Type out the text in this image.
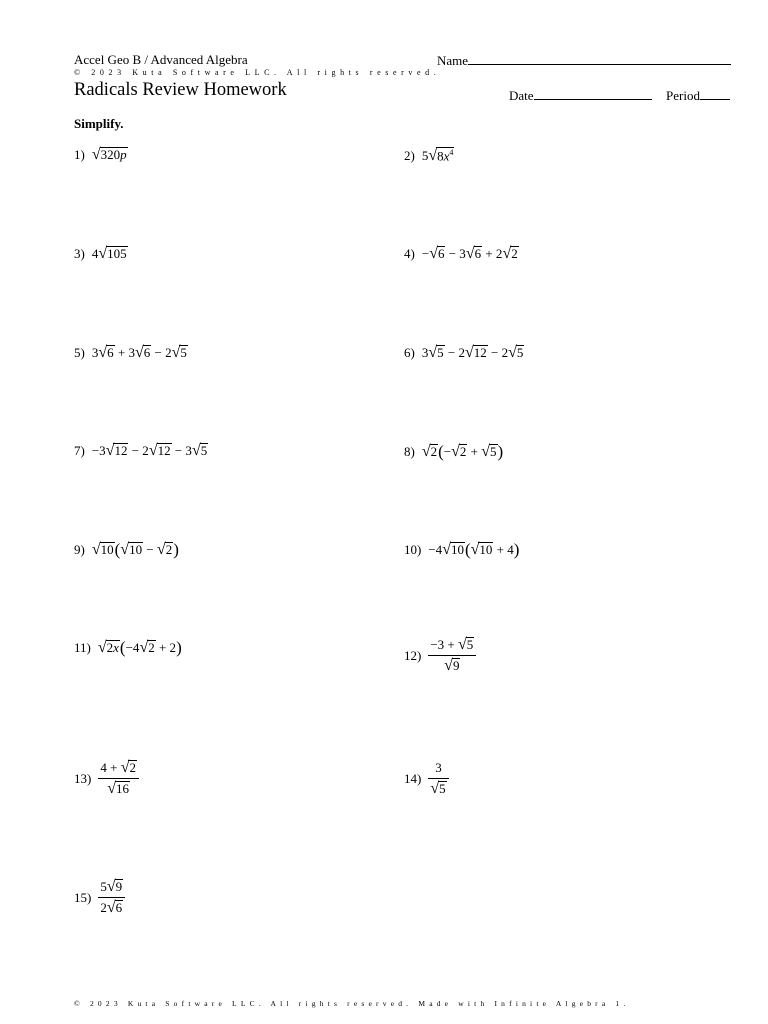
Accel Geo B / Advanced Algebra	Name
© 2023 Kuta Software LLC. All rights reserved.
Radicals Review Homework	Date	Period
Simplify.
1) √ 320p	2) 5 √ $8x^4$
3) 4 √ 105	4) − √ 6 − 3 √ 6 + 2 √ 2
5) 3 √ 6 + 3 √ 6 − 2 √ 5	6) 3 √ 5 − 2 √ 12 − 2 √ 5
7) −3 √ 12 − 2 √ 12 − 3 √ 5	8) √ 2 ( − √ 2 + √ 5 )
9) √ 10 ( √ 10 − √ 2 )	10) −4 √ 10 ( √ 10 + 4 )
11) √ 2x ( −4 √ 2 + 2 )	$12) \frac{-3 + √ 5}{√ 9}$
$13) \frac{4 + √ 2}{√ 16}$	$14) \frac{3}{√ 5}$
$15) \frac{5 √ 9}{2 √ 6}$
© 2023 Kuta Software LLC. All rights reserved. Made with Infinite Algebra 1.
